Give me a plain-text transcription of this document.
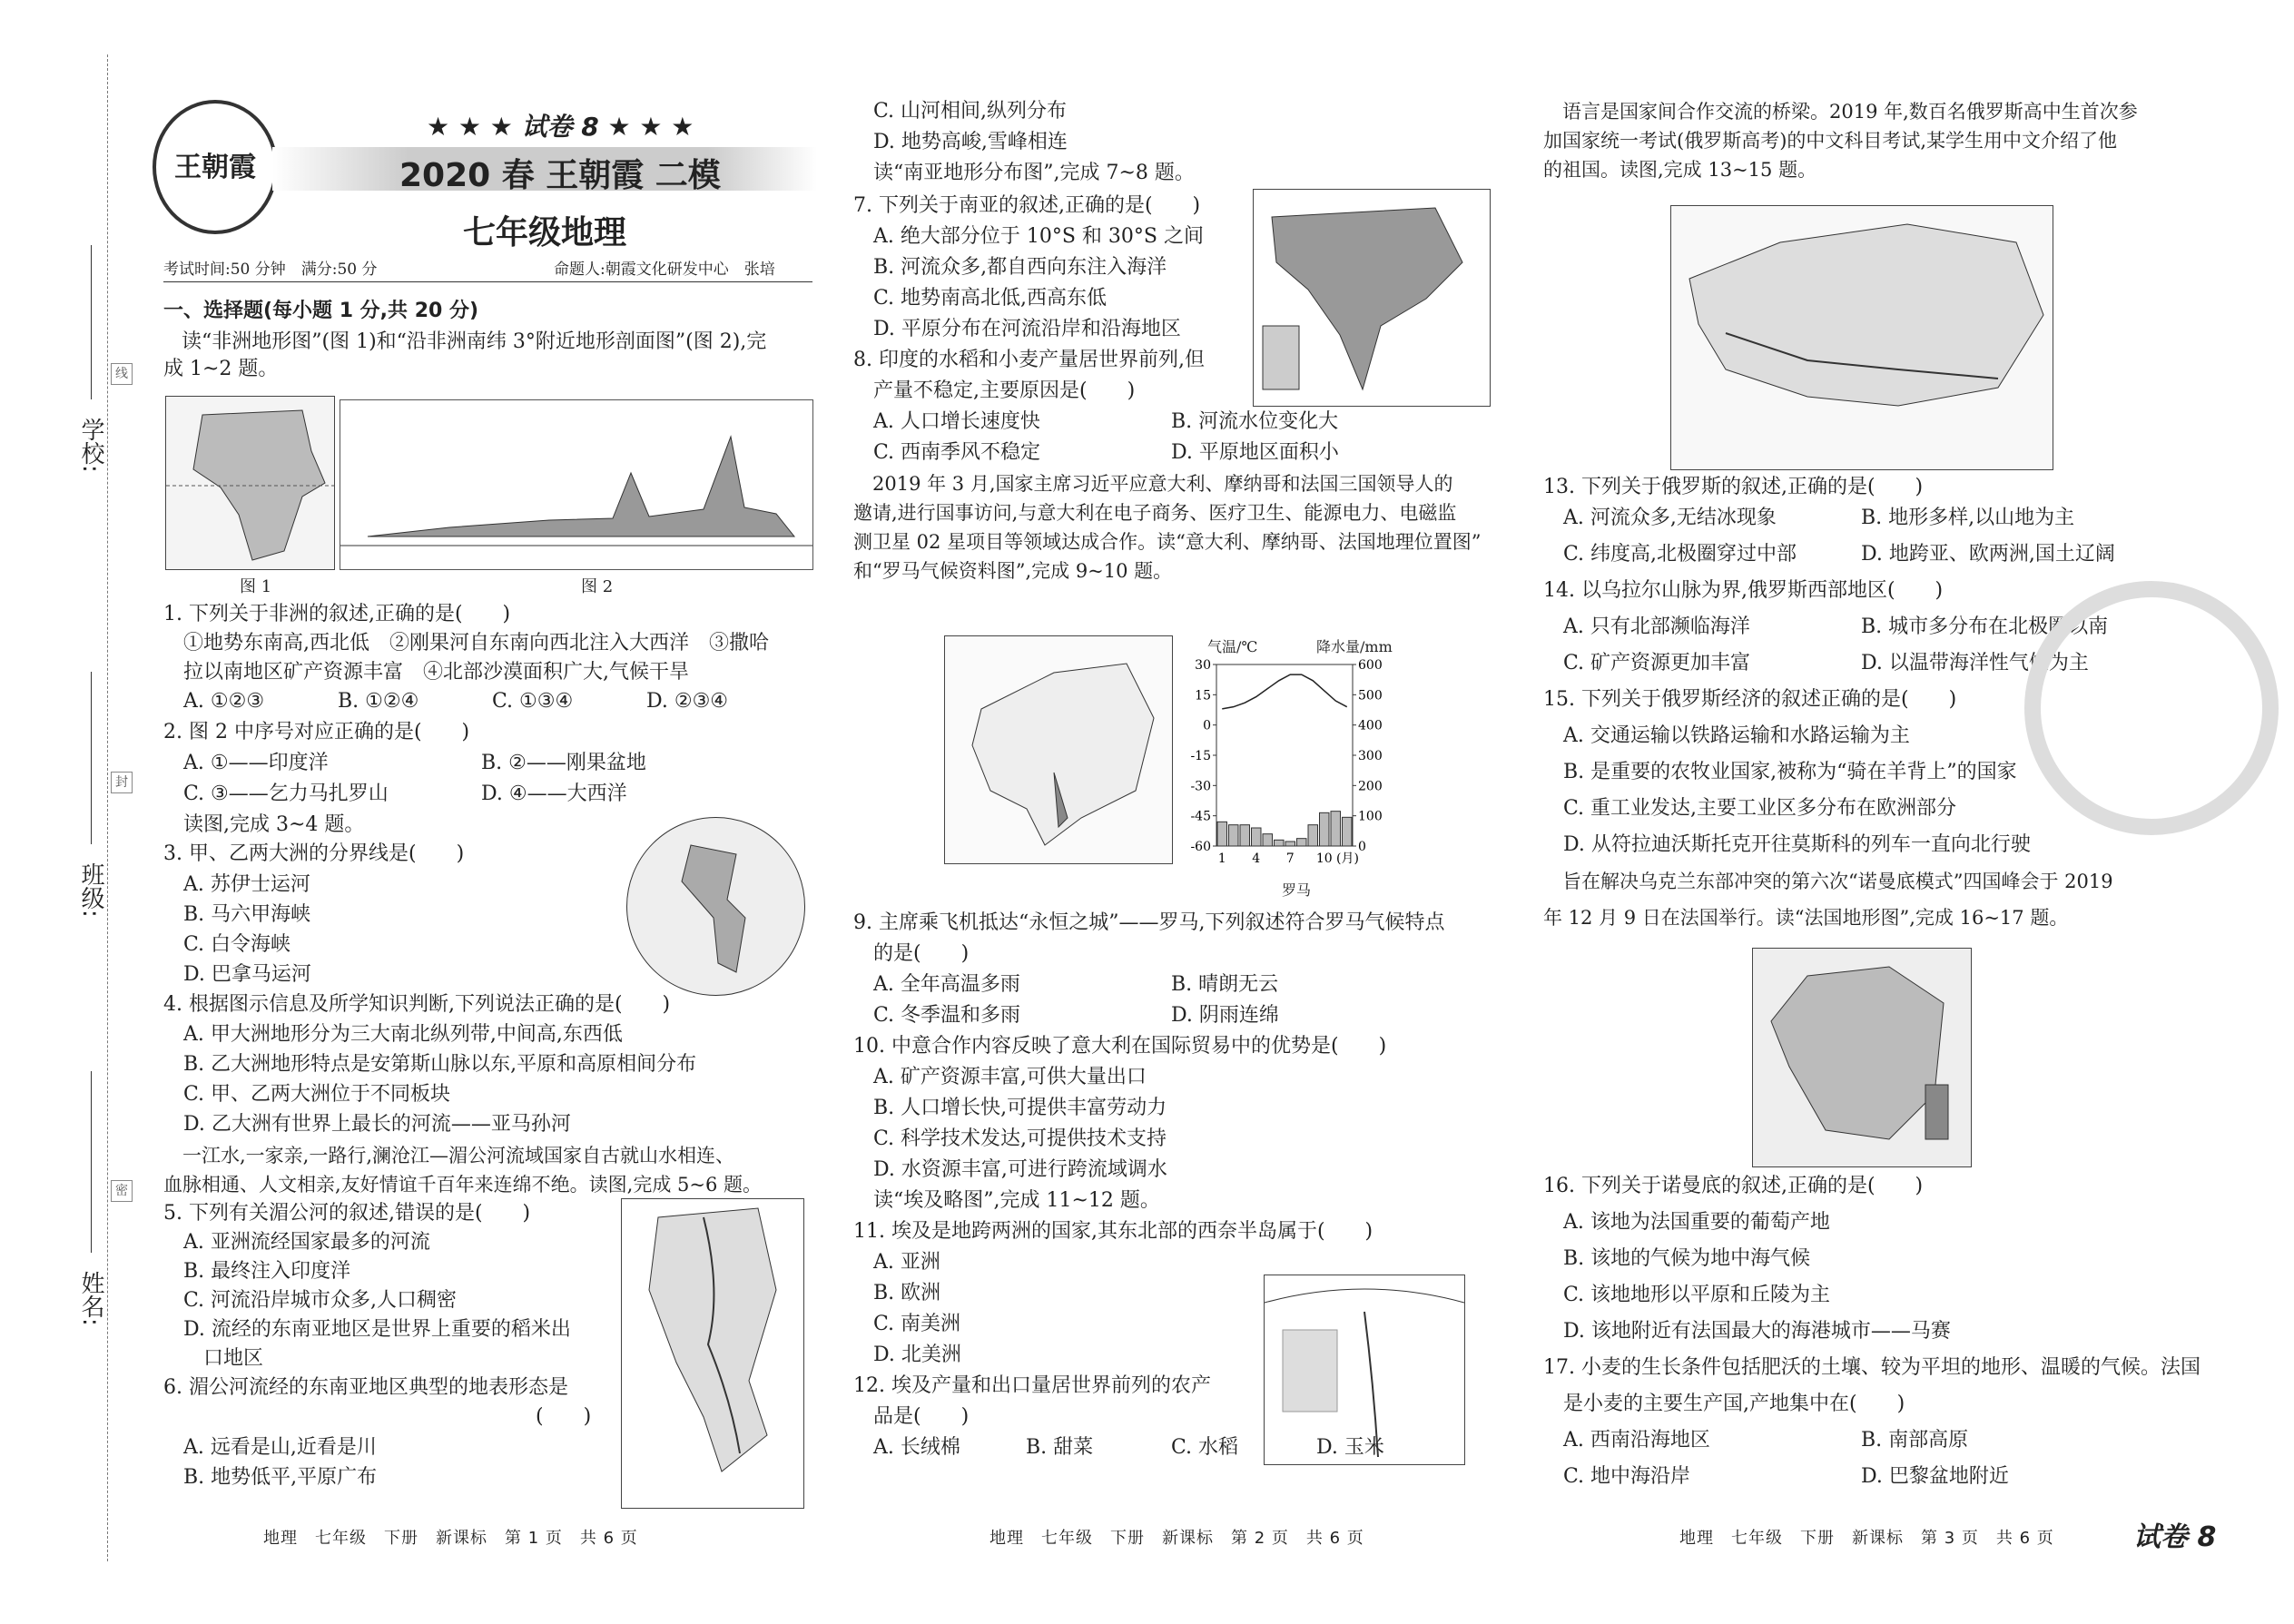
学校:
班级:
姓名:
线
封
密
王朝霞
★ ★ ★ 试卷 8 ★ ★ ★
2020 春 王朝霞 二模
七年级地理
考试时间:50 分钟　满分:50 分	命题人:朝霞文化研发中心　张培
一、选择题(每小题 1 分,共 20 分)
读“非洲地形图”(图 1)和“沿非洲南纬 3°附近地形剖面图”(图 2),完
成 1~2 题。
图 1	图 2
1. 下列关于非洲的叙述,正确的是(　　)
①地势东南高,西北低　②刚果河自东南向西北注入大西洋　③撒哈
拉以南地区矿产资源丰富　④北部沙漠面积广大,气候干旱
A. ①②③	B. ①②④	C. ①③④	D. ②③④
2. 图 2 中序号对应正确的是(　　)
A. ①——印度洋	B. ②——刚果盆地
C. ③——乞力马扎罗山	D. ④——大西洋
读图,完成 3~4 题。
3. 甲、乙两大洲的分界线是(　　)
A. 苏伊士运河
B. 马六甲海峡
C. 白令海峡
D. 巴拿马运河
4. 根据图示信息及所学知识判断,下列说法正确的是(　　)
A. 甲大洲地形分为三大南北纵列带,中间高,东西低
B. 乙大洲地形特点是安第斯山脉以东,平原和高原相间分布
C. 甲、乙两大洲位于不同板块
D. 乙大洲有世界上最长的河流——亚马孙河
　一江水,一家亲,一路行,澜沧江—湄公河流域国家自古就山水相连、
血脉相通、人文相亲,友好情谊千百年来连绵不绝。读图,完成 5~6 题。
5. 下列有关湄公河的叙述,错误的是(　　)
A. 亚洲流经国家最多的河流
B. 最终注入印度洋
C. 河流沿岸城市众多,人口稠密
D. 流经的东南亚地区是世界上重要的稻米出
　口地区
6. 湄公河流经的东南亚地区典型的地表形态是
(　　)
A. 远看是山,近看是川
B. 地势低平,平原广布
地理　七年级　下册　新课标　第 1 页　共 6 页
C. 山河相间,纵列分布
D. 地势高峻,雪峰相连
读“南亚地形分布图”,完成 7~8 题。
7. 下列关于南亚的叙述,正确的是(　　)
A. 绝大部分位于 10°S 和 30°S 之间
B. 河流众多,都自西向东注入海洋
C. 地势南高北低,西高东低
D. 平原分布在河流沿岸和沿海地区
8. 印度的水稻和小麦产量居世界前列,但
产量不稳定,主要原因是(　　)
A. 人口增长速度快	B. 河流水位变化大
C. 西南季风不稳定	D. 平原地区面积小
　2019 年 3 月,国家主席习近平应意大利、摩纳哥和法国三国领导人的
邀请,进行国事访问,与意大利在电子商务、医疗卫生、能源电力、电磁监
测卫星 02 星项目等领域达成合作。读“意大利、摩纳哥、法国地理位置图”
和“罗马气候资料图”,完成 9~10 题。
气温/℃	降水量/mm
30
15
0
-15
-30
-45
-60
600
500
400
300
200
100
0
1 4 7 10 (月)
罗马
9. 主席乘飞机抵达“永恒之城”——罗马,下列叙述符合罗马气候特点
的是(　　)
A. 全年高温多雨	B. 晴朗无云
C. 冬季温和多雨	D. 阴雨连绵
10. 中意合作内容反映了意大利在国际贸易中的优势是(　　)
A. 矿产资源丰富,可供大量出口
B. 人口增长快,可提供丰富劳动力
C. 科学技术发达,可提供技术支持
D. 水资源丰富,可进行跨流域调水
读“埃及略图”,完成 11~12 题。
11. 埃及是地跨两洲的国家,其东北部的西奈半岛属于(　　)
A. 亚洲
B. 欧洲
C. 南美洲
D. 北美洲
12. 埃及产量和出口量居世界前列的农产
品是(　　)
A. 长绒棉	B. 甜菜	C. 水稻	D. 玉米
地理　七年级　下册　新课标　第 2 页　共 6 页
　语言是国家间合作交流的桥梁。2019 年,数百名俄罗斯高中生首次参
加国家统一考试(俄罗斯高考)的中文科目考试,某学生用中文介绍了他
的祖国。读图,完成 13~15 题。
13. 下列关于俄罗斯的叙述,正确的是(　　)
A. 河流众多,无结冰现象	B. 地形多样,以山地为主
C. 纬度高,北极圈穿过中部	D. 地跨亚、欧两洲,国土辽阔
14. 以乌拉尔山脉为界,俄罗斯西部地区(　　)
A. 只有北部濒临海洋	B. 城市多分布在北极圈以南
C. 矿产资源更加丰富	D. 以温带海洋性气候为主
15. 下列关于俄罗斯经济的叙述正确的是(　　)
A. 交通运输以铁路运输和水路运输为主
B. 是重要的农牧业国家,被称为“骑在羊背上”的国家
C. 重工业发达,主要工业区多分布在欧洲部分
D. 从符拉迪沃斯托克开往莫斯科的列车一直向北行驶
　旨在解决乌克兰东部冲突的第六次“诺曼底模式”四国峰会于 2019
年 12 月 9 日在法国举行。读“法国地形图”,完成 16~17 题。
16. 下列关于诺曼底的叙述,正确的是(　　)
A. 该地为法国重要的葡萄产地
B. 该地的气候为地中海气候
C. 该地地形以平原和丘陵为主
D. 该地附近有法国最大的海港城市——马赛
17. 小麦的生长条件包括肥沃的土壤、较为平坦的地形、温暖的气候。法国
是小麦的主要生产国,产地集中在(　　)
A. 西南沿海地区	B. 南部高原
C. 地中海沿岸	D. 巴黎盆地附近
地理　七年级　下册　新课标　第 3 页　共 6 页	试卷 8
